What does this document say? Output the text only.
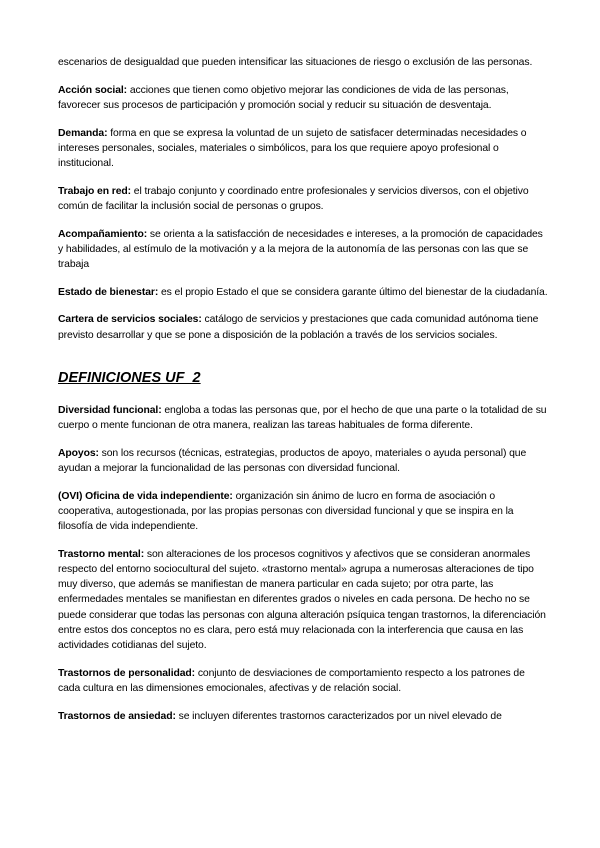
escenarios de desigualdad que pueden intensificar las situaciones de riesgo o exclusión de las personas.

Acción social: acciones que tienen como objetivo mejorar las condiciones de vida de las personas, favorecer sus procesos de participación y promoción social y reducir su situación de desventaja.

Demanda: forma en que se expresa la voluntad de un sujeto de satisfacer determinadas necesidades o intereses personales, sociales, materiales o simbólicos, para los que requiere apoyo profesional o institucional.

Trabajo en red: el trabajo conjunto y coordinado entre profesionales y servicios diversos, con el objetivo común de facilitar la inclusión social de personas o grupos.

Acompañamiento: se orienta a la satisfacción de necesidades e intereses, a la promoción de capacidades y habilidades, al estímulo de la motivación y a la mejora de la autonomía de las personas con las que se trabaja

Estado de bienestar: es el propio Estado el que se considera garante último del bienestar de la ciudadanía.

Cartera de servicios sociales: catálogo de servicios y prestaciones que cada comunidad autónoma tiene previsto desarrollar y que se pone a disposición de la población a través de los servicios sociales.

DEFINICIONES UF_2

Diversidad funcional: engloba a todas las personas que, por el hecho de que una parte o la totalidad de su cuerpo o mente funcionan de otra manera, realizan las tareas habituales de forma diferente.

Apoyos: son los recursos (técnicas, estrategias, productos de apoyo, materiales o ayuda personal) que ayudan a mejorar la funcionalidad de las personas con diversidad funcional.

(OVI) Oficina de vida independiente: organización sin ánimo de lucro en forma de asociación o cooperativa, autogestionada, por las propias personas con diversidad funcional y que se inspira en la filosofía de vida independiente.

Trastorno mental: son alteraciones de los procesos cognitivos y afectivos que se consideran anormales respecto del entorno sociocultural del sujeto. «trastorno mental» agrupa a numerosas alteraciones de tipo muy diverso, que además se manifiestan de manera particular en cada sujeto; por otra parte, las enfermedades mentales se manifiestan en diferentes grados o niveles en cada persona. De hecho no se puede considerar que todas las personas con alguna alteración psíquica tengan trastornos, la diferenciación entre estos dos conceptos no es clara, pero está muy relacionada con la interferencia que causa en las actividades cotidianas del sujeto.

Trastornos de personalidad: conjunto de desviaciones de comportamiento respecto a los patrones de cada cultura en las dimensiones emocionales, afectivas y de relación social.

Trastornos de ansiedad: se incluyen diferentes trastornos caracterizados por un nivel elevado de
